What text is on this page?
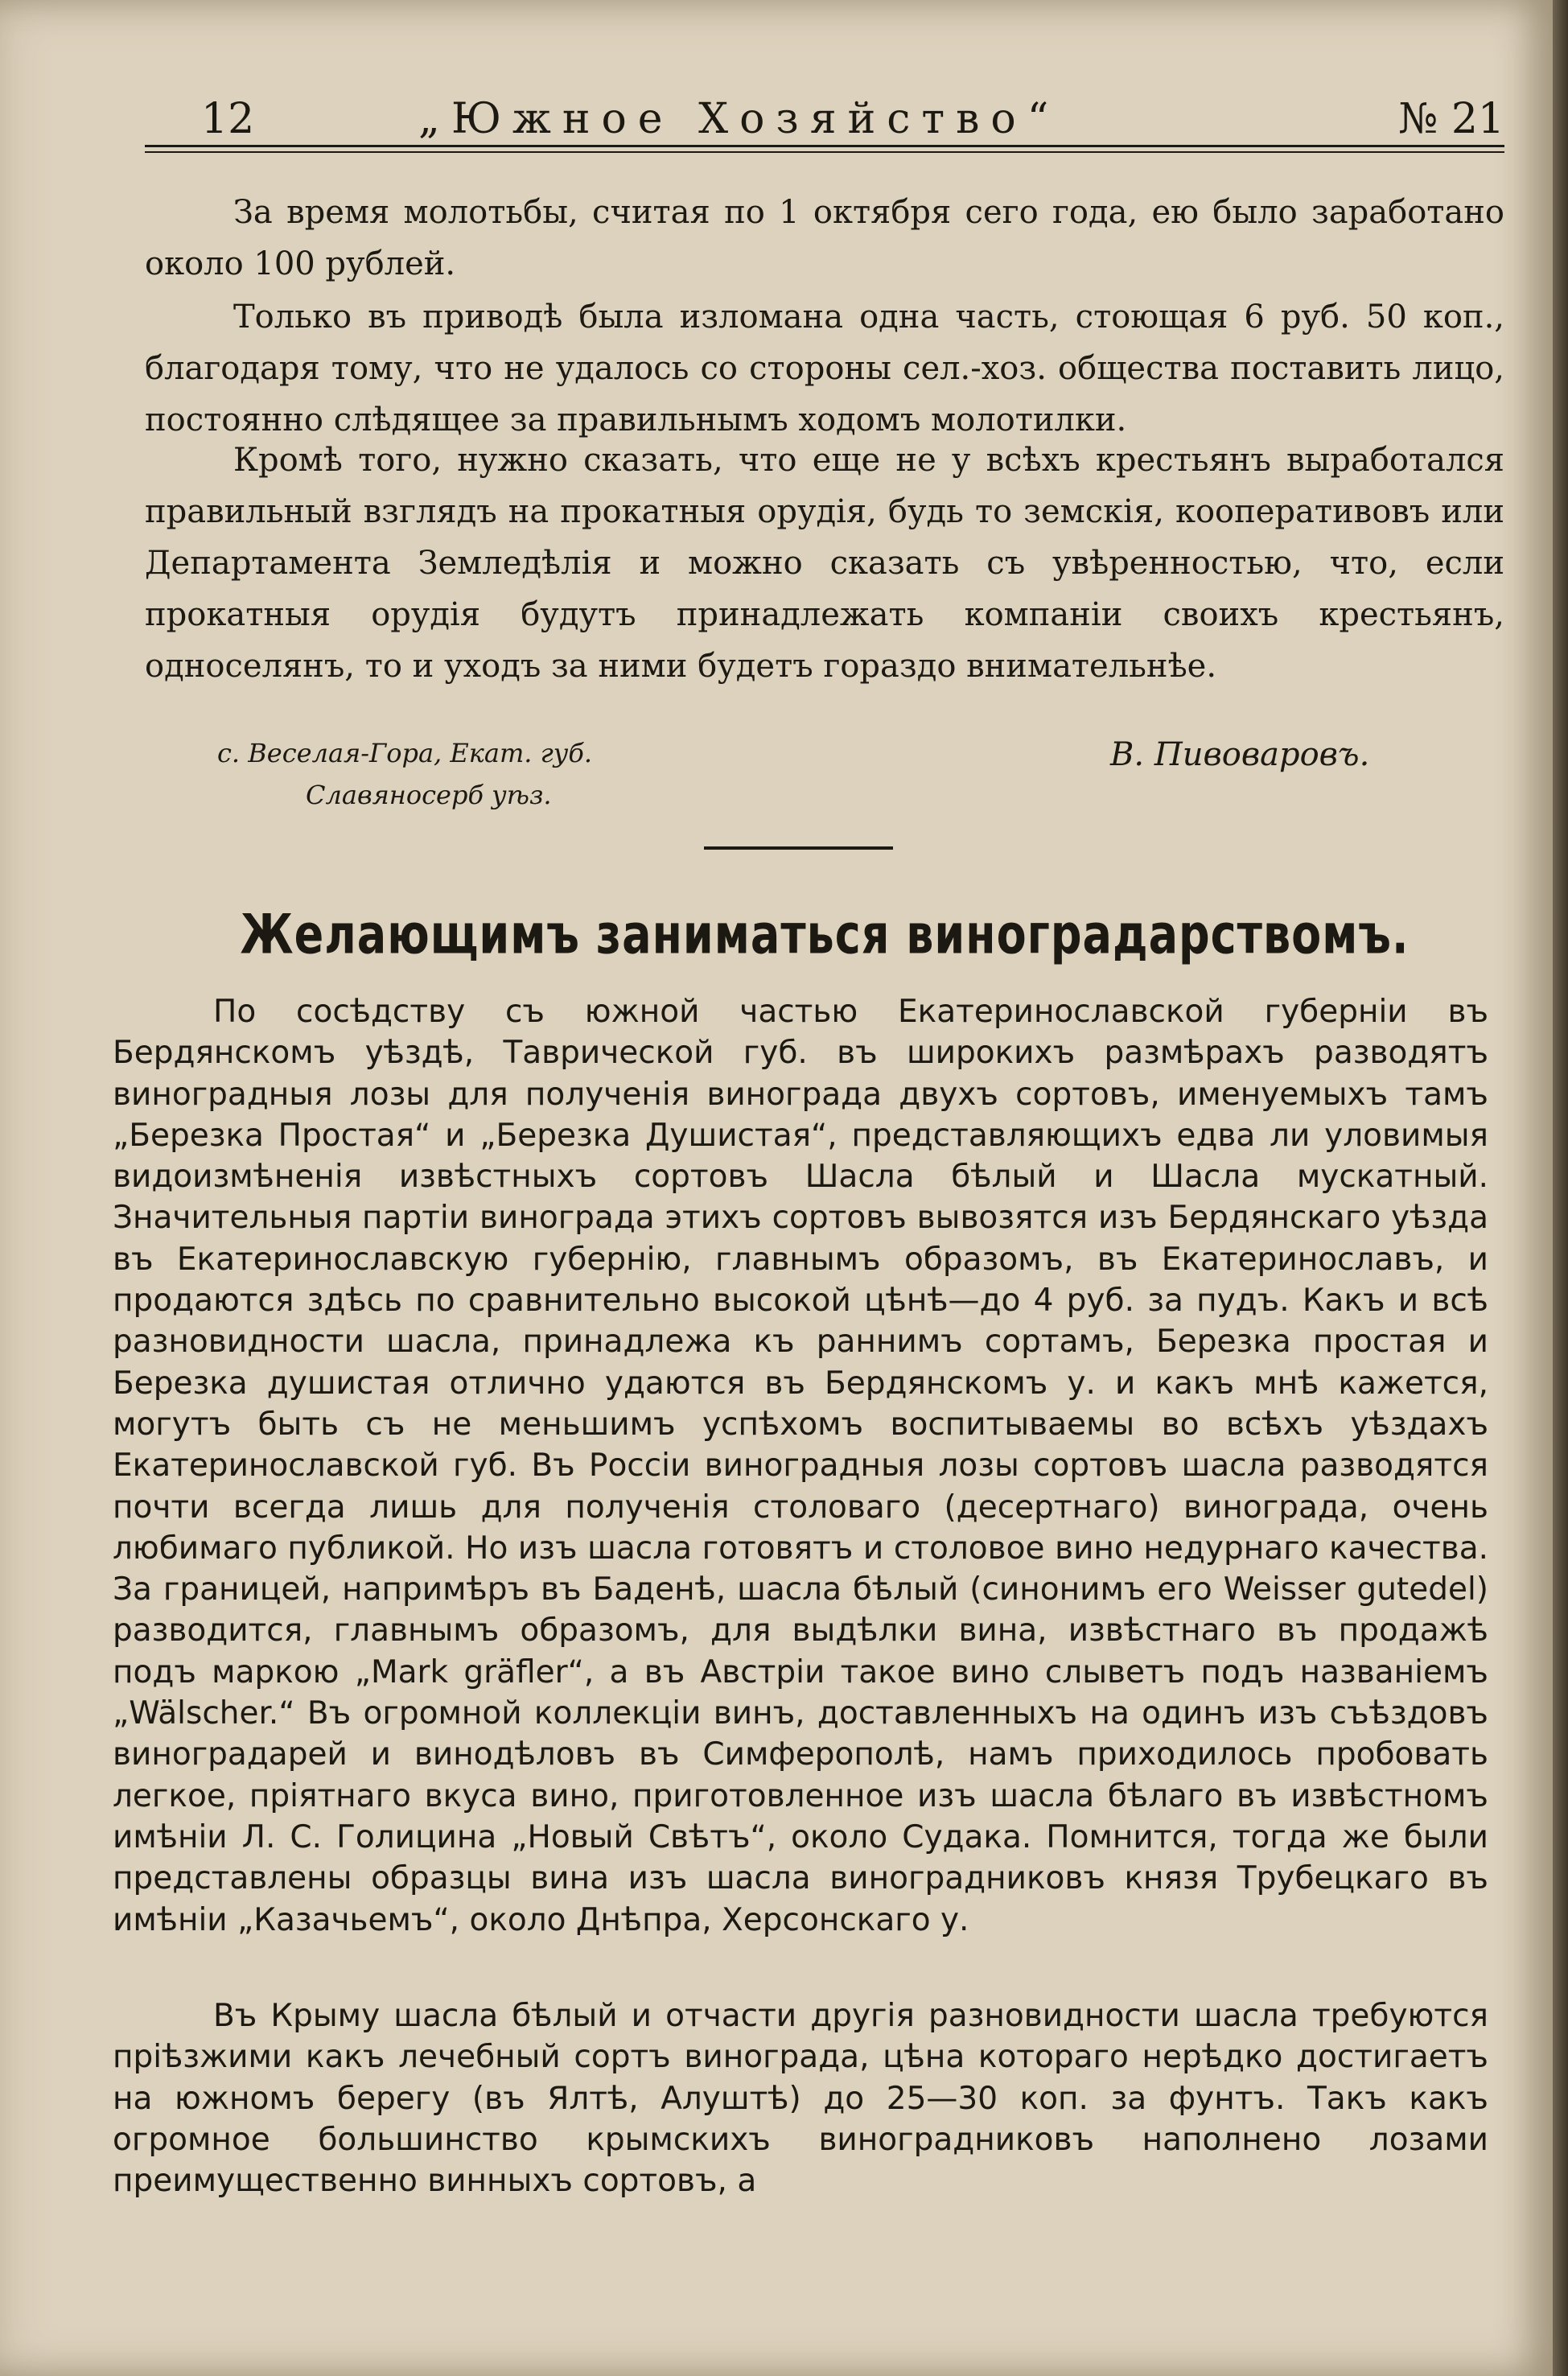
12	„Южное Хозяйство“	№ 21

За время молотьбы, считая по 1 октября сего года, ею было заработано около 100 рублей.

Только въ приводѣ была изломана одна часть, стоющая 6 руб. 50 коп., благодаря тому, что не удалось со стороны сел.-хоз. общества поставить лицо, постоянно слѣдящее за правильнымъ ходомъ молотилки.

Кромѣ того, нужно сказать, что еще не у всѣхъ крестьянъ выработался правильный взглядъ на прокатныя орудія, будь то земскія, кооперативовъ или Департамента Земледѣлія и можно сказать съ увѣренностью, что, если прокатныя орудія будутъ принадлежать компаніи своихъ крестьянъ, односелянъ, то и уходъ за ними будетъ гораздо внимательнѣе.

с. Веселая-Гора, Екат. губ.
Славяносерб уѣз.
В. Пивоваровъ.
Желающимъ заниматься виноградарствомъ.

По сосѣдству съ южной частью Екатеринославской губерніи въ Бердянскомъ уѣздѣ, Таврической губ. въ широкихъ размѣрахъ разводятъ виноградныя лозы для полученія винограда двухъ сортовъ, именуемыхъ тамъ „Березка Простая“ и „Березка Душистая“, представляющихъ едва ли уловимыя видоизмѣненія извѣстныхъ сортовъ Шасла бѣлый и Шасла мускатный. Значительныя партіи винограда этихъ сортовъ вывозятся изъ Бердянскаго уѣзда въ Екатеринославскую губернію, главнымъ образомъ, въ Екатеринославъ, и продаются здѣсь по сравнительно высокой цѣнѣ—до 4 руб. за пудъ. Какъ и всѣ разновидности шасла, принадлежа къ раннимъ сортамъ, Березка простая и Березка душистая отлично удаются въ Бердянскомъ у. и какъ мнѣ кажется, могутъ быть съ не меньшимъ успѣхомъ воспитываемы во всѣхъ уѣздахъ Екатеринославской губ. Въ Россіи виноградныя лозы сортовъ шасла разводятся почти всегда лишь для полученія столоваго (десертнаго) винограда, очень любимаго публикой. Но изъ шасла готовятъ и столовое вино недурнаго качества. За границей, напримѣръ въ Баденѣ, шасла бѣлый (синонимъ его Weisser gutedel) разводится, главнымъ образомъ, для выдѣлки вина, извѣстнаго въ продажѣ подъ маркою „Mark gräfler“, а въ Австріи такое вино слыветъ подъ названіемъ „Wälscher.“ Въ огромной коллекціи винъ, доставленныхъ на одинъ изъ съѣздовъ виноградарей и винодѣловъ въ Симферополѣ, намъ приходилось пробовать легкое, пріятнаго вкуса вино, приготовленное изъ шасла бѣлаго въ извѣстномъ имѣніи Л. С. Голицина „Новый Свѣтъ“, около Судака. Помнится, тогда же были представлены образцы вина изъ шасла виноградниковъ князя Трубецкаго въ имѣніи „Казачьемъ“, около Днѣпра, Херсонскаго у.

Въ Крыму шасла бѣлый и отчасти другія разновидности шасла требуются пріѣзжими какъ лечебный сортъ винограда, цѣна котораго нерѣдко достигаетъ на южномъ берегу (въ Ялтѣ, Алуштѣ) до 25—30 коп. за фунтъ. Такъ какъ огромное большинство крымскихъ виноградниковъ наполнено лозами преимущественно винныхъ сортовъ, а
